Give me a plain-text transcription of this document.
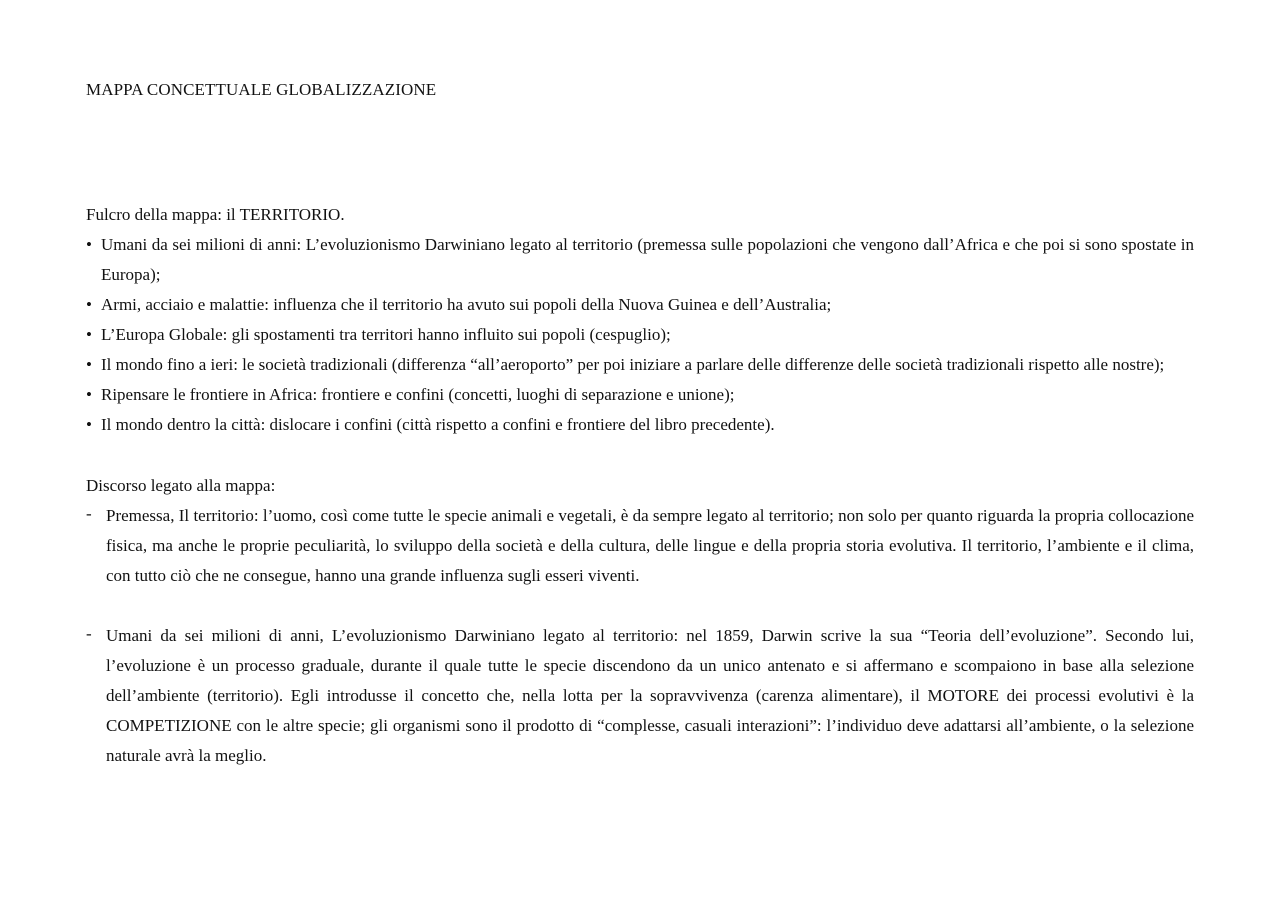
MAPPA CONCETTUALE GLOBALIZZAZIONE

Fulcro della mappa: il TERRITORIO.

• Umani da sei milioni di anni: L’evoluzionismo Darwiniano legato al territorio (premessa sulle popolazioni che vengono dall’Africa e che poi si sono spostate in Europa);
• Armi, acciaio e malattie: influenza che il territorio ha avuto sui popoli della Nuova Guinea e dell’Australia;
• L’Europa Globale: gli spostamenti tra territori hanno influito sui popoli (cespuglio);
• Il mondo fino a ieri: le società tradizionali (differenza “all’aeroporto” per poi iniziare a parlare delle differenze delle società tradizionali rispetto alle nostre);
• Ripensare le frontiere in Africa: frontiere e confini (concetti, luoghi di separazione e unione);
• Il mondo dentro la città: dislocare i confini (città rispetto a confini e frontiere del libro precedente).

Discorso legato alla mappa:

- Premessa, Il territorio: l’uomo, così come tutte le specie animali e vegetali, è da sempre legato al territorio; non solo per quanto riguarda la propria collocazione fisica, ma anche le proprie peculiarità, lo sviluppo della società e della cultura, delle lingue e della propria storia evolutiva. Il territorio, l’ambiente e il clima, con tutto ciò che ne consegue, hanno una grande influenza sugli esseri viventi.
- Umani da sei milioni di anni, L’evoluzionismo Darwiniano legato al territorio: nel 1859, Darwin scrive la sua “Teoria dell’evoluzione”. Secondo lui, l’evoluzione è un processo graduale, durante il quale tutte le specie discendono da un unico antenato e si affermano e scompaiono in base alla selezione dell’ambiente (territorio). Egli introdusse il concetto che, nella lotta per la sopravvivenza (carenza alimentare), il MOTORE dei processi evolutivi è la COMPETIZIONE con le altre specie; gli organismi sono il prodotto di “complesse, casuali interazioni”: l’individuo deve adattarsi all’ambiente, o la selezione naturale avrà la meglio.
